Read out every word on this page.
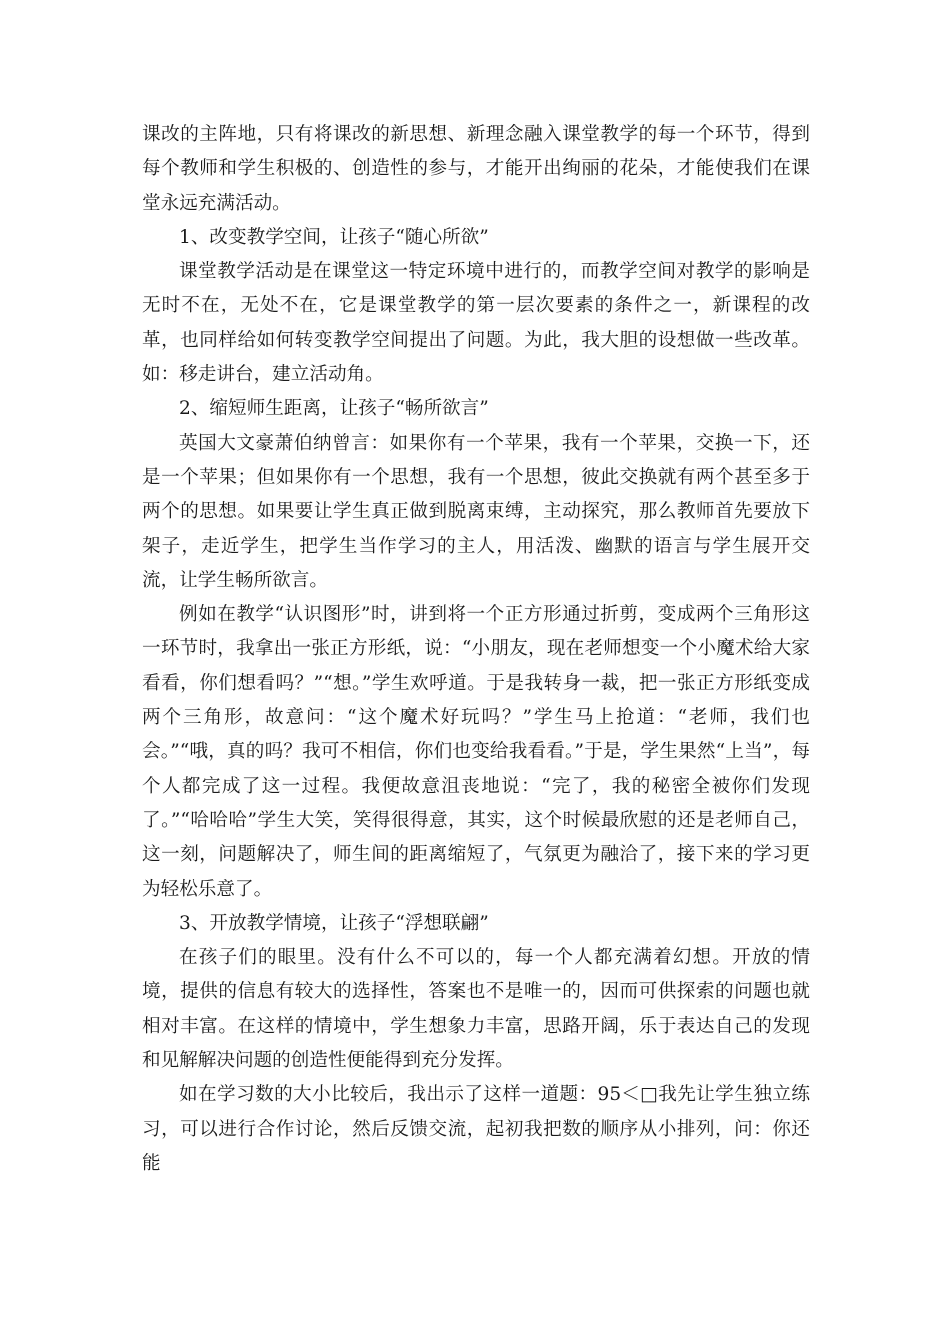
课改的主阵地，只有将课改的新思想、新理念融入课堂教学的每一个环节，得到每个教师和学生积极的、创造性的参与，才能开出绚丽的花朵，才能使我们在课堂永远充满活动。

1、改变教学空间，让孩子“随心所欲”

课堂教学活动是在课堂这一特定环境中进行的，而教学空间对教学的影响是无时不在，无处不在，它是课堂教学的第一层次要素的条件之一，新课程的改革，也同样给如何转变教学空间提出了问题。为此，我大胆的设想做一些改革。如：移走讲台，建立活动角。

2、缩短师生距离，让孩子“畅所欲言”

英国大文豪萧伯纳曾言：如果你有一个苹果，我有一个苹果，交换一下，还是一个苹果；但如果你有一个思想，我有一个思想，彼此交换就有两个甚至多于两个的思想。如果要让学生真正做到脱离束缚，主动探究，那么教师首先要放下架子，走近学生，把学生当作学习的主人，用活泼、幽默的语言与学生展开交流，让学生畅所欲言。

例如在教学“认识图形”时，讲到将一个正方形通过折剪，变成两个三角形这一环节时，我拿出一张正方形纸，说：“小朋友，现在老师想变一个小魔术给大家看看，你们想看吗？”“想。”学生欢呼道。于是我转身一裁，把一张正方形纸变成两个三角形，故意问：“这个魔术好玩吗？”学生马上抢道：“老师，我们也会。”“哦，真的吗？我可不相信，你们也变给我看看。”于是，学生果然“上当”，每个人都完成了这一过程。我便故意沮丧地说：“完了，我的秘密全被你们发现了。”“哈哈哈”学生大笑，笑得很得意，其实，这个时候最欣慰的还是老师自己，这一刻，问题解决了，师生间的距离缩短了，气氛更为融洽了，接下来的学习更为轻松乐意了。

3、开放教学情境，让孩子“浮想联翩”

在孩子们的眼里。没有什么不可以的，每一个人都充满着幻想。开放的情境，提供的信息有较大的选择性，答案也不是唯一的，因而可供探索的问题也就相对丰富。在这样的情境中，学生想象力丰富，思路开阔，乐于表达自己的发现和见解解决问题的创造性便能得到充分发挥。

如在学习数的大小比较后，我出示了这样一道题：95＜□我先让学生独立练习，可以进行合作讨论，然后反馈交流，起初我把数的顺序从小排列，问：你还能
